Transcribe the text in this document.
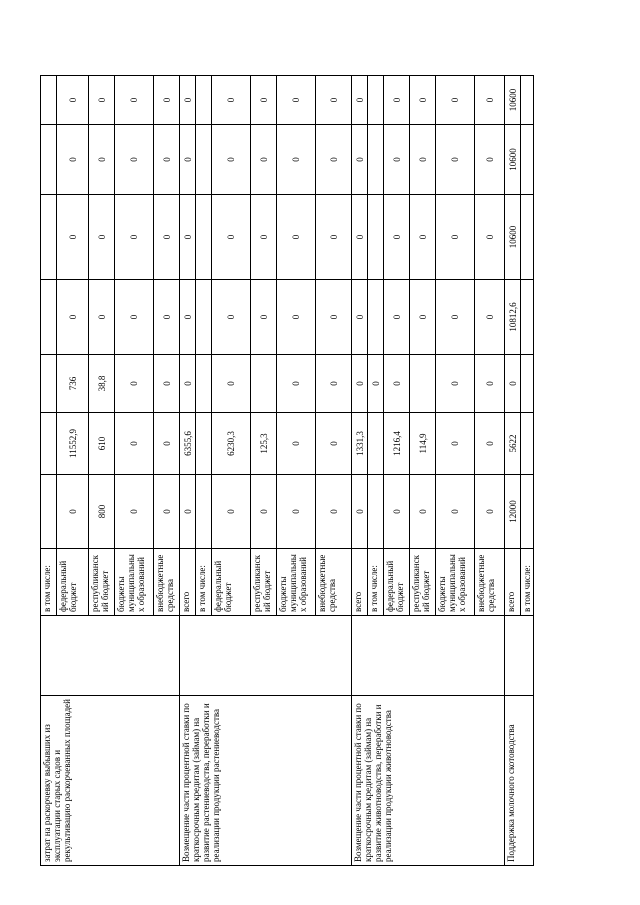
затрат на раскорчевку выбывших из эксплуатации старых садов и рекультивацию раскорчеванных площадей		в том числе:							
		федеральный бюджет	0	11552,9	736	0	0	0	0
		республиканский бюджет	800	610	38,8	0	0	0	0
		бюджеты муниципальных образований	0	0	0	0	0	0	0
		внебюджетные средства	0	0	0	0	0	0	0
Возмещение части процентной ставки по краткосрочным кредитам (займам) на развитие растениеводства, переработки и реализации продукции растениеводства		всего	0	6355,6	0	0	0	0	0
		в том числе:							
		федеральный бюджет	0	6230,3	0	0	0	0	0
		республиканский бюджет	0	125,3		0	0	0	0
		бюджеты муниципальных образований	0	0	0	0	0	0	0
		внебюджетные средства	0	0	0	0	0	0	0
Возмещение части процентной ставки по краткосрочным кредитам (займам) на развитие животноводства, переработки и реализации продукции животноводства		всего	0	1331,3	0	0	0	0	0
		в том числе:			0				
		федеральный бюджет	0	1216,4	0	0	0	0	0
		республиканский бюджет	0	114,9		0	0	0	0
		бюджеты муниципальных образований	0	0	0	0	0	0	0
		внебюджетные средства	0	0	0	0	0	0	0
Поддержка молочного скотоводства		всего	12000	5622	0	10812,6	10600	10600	10600
		в том числе:							
